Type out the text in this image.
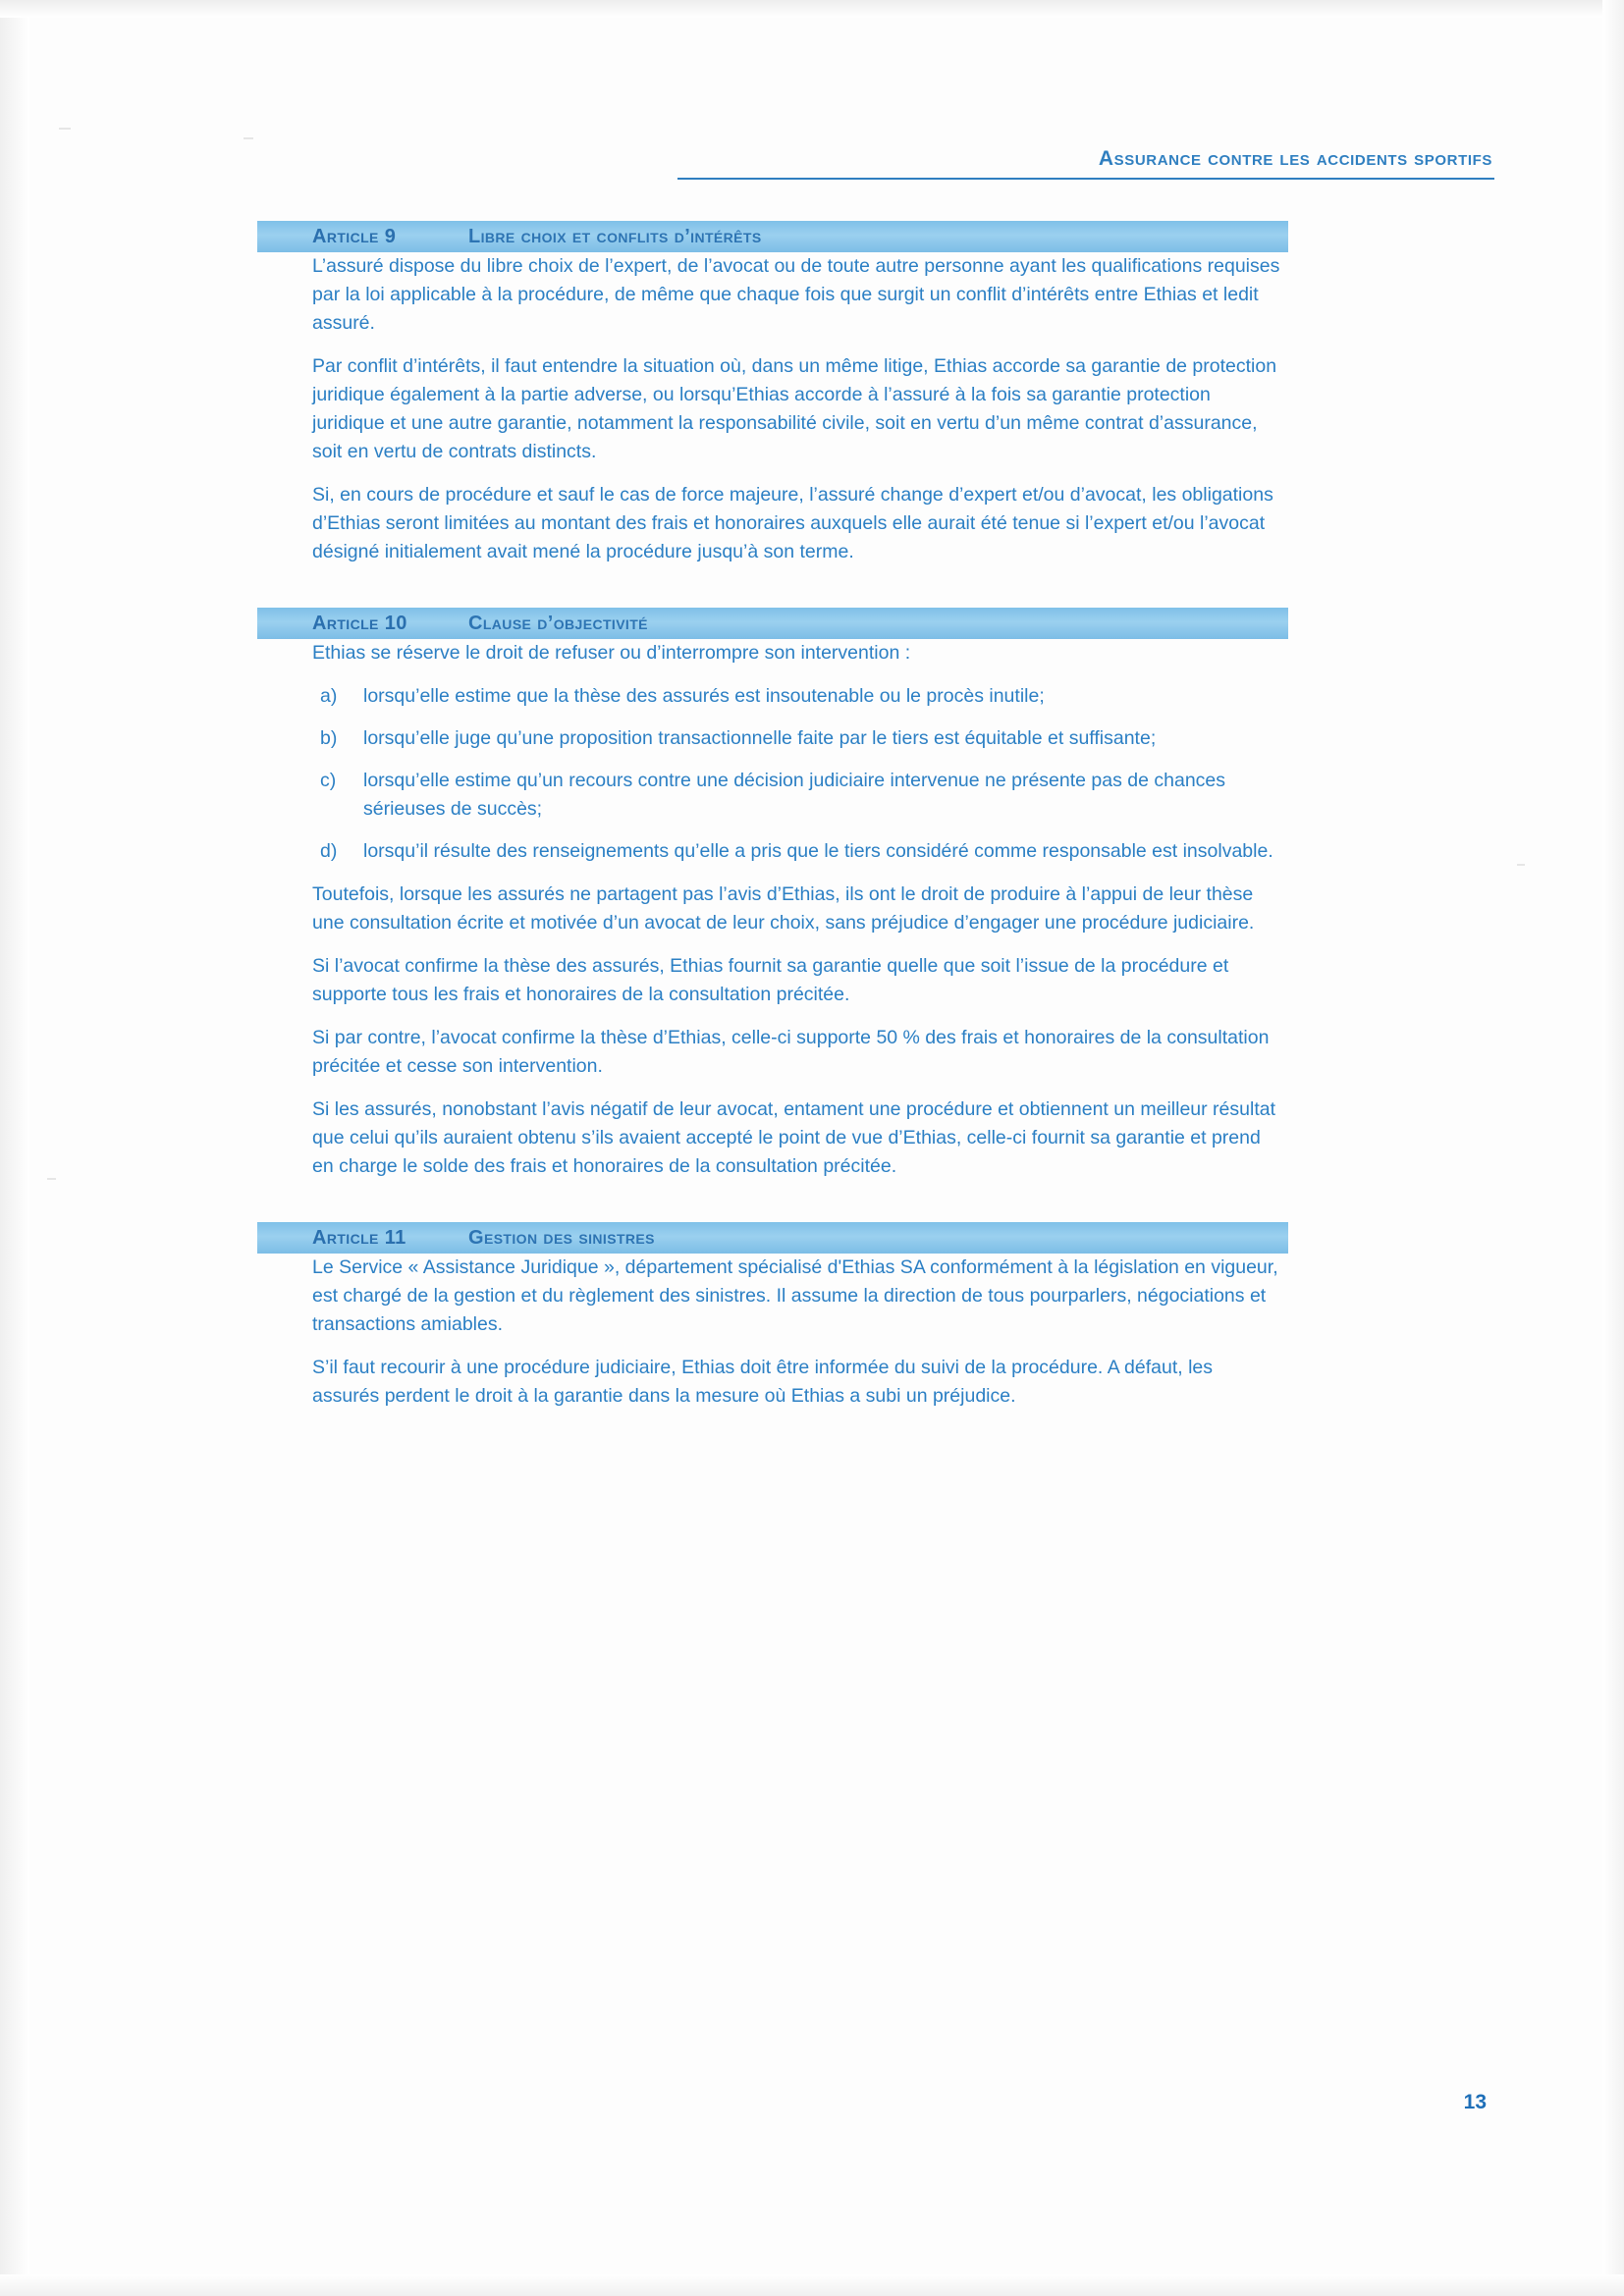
Assurance contre les accidents sportifs
Article 9	Libre choix et conflits d’intérêts

L’assuré dispose du libre choix de l’expert, de l’avocat ou de toute autre personne ayant les qualifications requises par la loi applicable à la procédure, de même que chaque fois que surgit un conflit d’intérêts entre Ethias et ledit assuré.

Par conflit d’intérêts, il faut entendre la situation où, dans un même litige, Ethias accorde sa garantie de protection juridique également à la partie adverse, ou lorsqu’Ethias accorde à l’assuré à la fois sa garantie protection juridique et une autre garantie, notamment la responsabilité civile, soit en vertu d’un même contrat d’assurance, soit en vertu de contrats distincts.

Si, en cours de procédure et sauf le cas de force majeure, l’assuré change d’expert et/ou d’avocat, les obligations d’Ethias seront limitées au montant des frais et honoraires auxquels elle aurait été tenue si l’expert et/ou l’avocat désigné initialement avait mené la procédure jusqu’à son terme.

Article 10	Clause d’objectivité

Ethias se réserve le droit de refuser ou d’interrompre son intervention :

a) lorsqu’elle estime que la thèse des assurés est insoutenable ou le procès inutile;
b) lorsqu’elle juge qu’une proposition transactionnelle faite par le tiers est équitable et suffisante;
c) lorsqu’elle estime qu’un recours contre une décision judiciaire intervenue ne présente pas de chances sérieuses de succès;
d) lorsqu’il résulte des renseignements qu’elle a pris que le tiers considéré comme responsable est insolvable.

Toutefois, lorsque les assurés ne partagent pas l’avis d’Ethias, ils ont le droit de produire à l’appui de leur thèse une consultation écrite et motivée d’un avocat de leur choix, sans préjudice d’engager une procédure judiciaire.

Si l’avocat confirme la thèse des assurés, Ethias fournit sa garantie quelle que soit l’issue de la procédure et supporte tous les frais et honoraires de la consultation précitée.

Si par contre, l’avocat confirme la thèse d’Ethias, celle-ci supporte 50 % des frais et honoraires de la consultation précitée et cesse son intervention.

Si les assurés, nonobstant l’avis négatif de leur avocat, entament une procédure et obtiennent un meilleur résultat que celui qu’ils auraient obtenu s’ils avaient accepté le point de vue d’Ethias, celle-ci fournit sa garantie et prend en charge le solde des frais et honoraires de la consultation précitée.

Article 11	Gestion des sinistres

Le Service « Assistance Juridique », département spécialisé d'Ethias SA conformément à la législation en vigueur, est chargé de la gestion et du règlement des sinistres. Il assume la direction de tous pourparlers, négociations et transactions amiables.

S’il faut recourir à une procédure judiciaire, Ethias doit être informée du suivi de la procédure. A défaut, les assurés perdent le droit à la garantie dans la mesure où Ethias a subi un préjudice.

13
